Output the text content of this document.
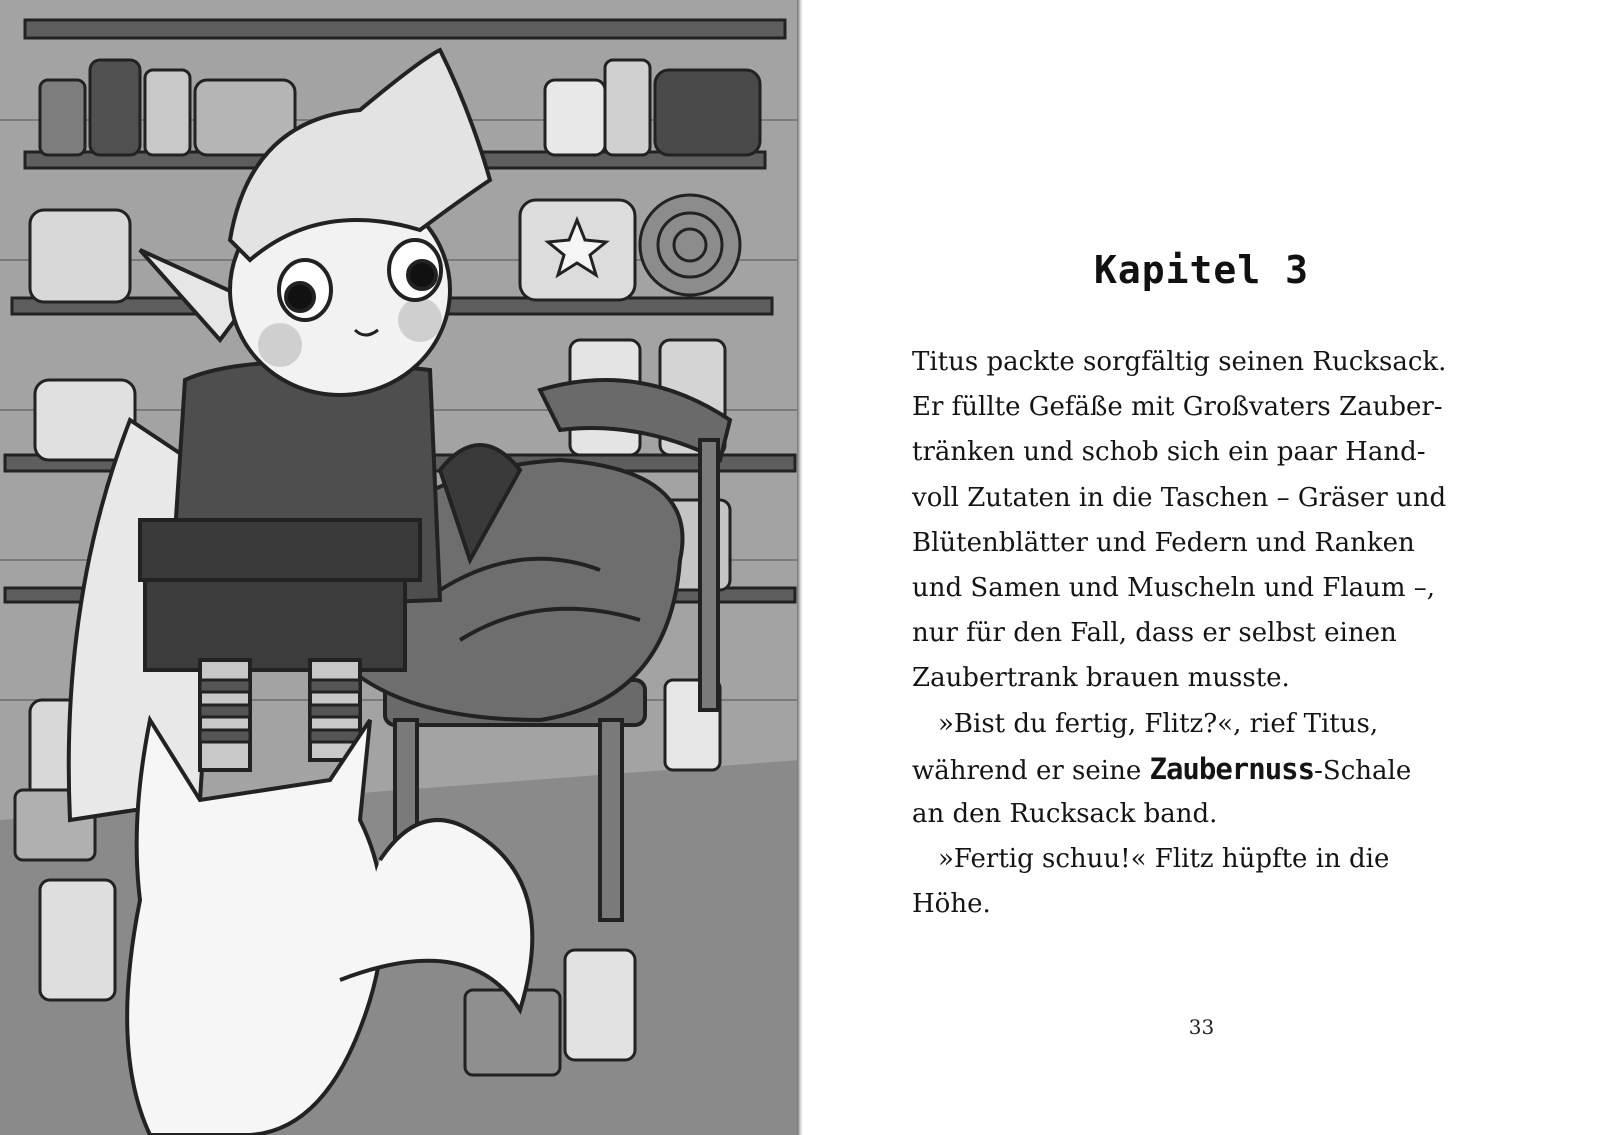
Kapitel 3
Titus packte sorgfältig seinen Rucksack.
Er füllte Gefäße mit Großvaters Zauber-
tränken und schob sich ein paar Hand-
voll Zutaten in die Taschen – Gräser und
Blütenblätter und Federn und Ranken
und Samen und Muscheln und Flaum –,
nur für den Fall, dass er selbst einen
Zaubertrank brauen musste.
»Bist du fertig, Flitz?«, rief Titus,
während er seine Zaubernuss-Schale
an den Rucksack band.
»Fertig schuu!« Flitz hüpfte in die
Höhe.
33
